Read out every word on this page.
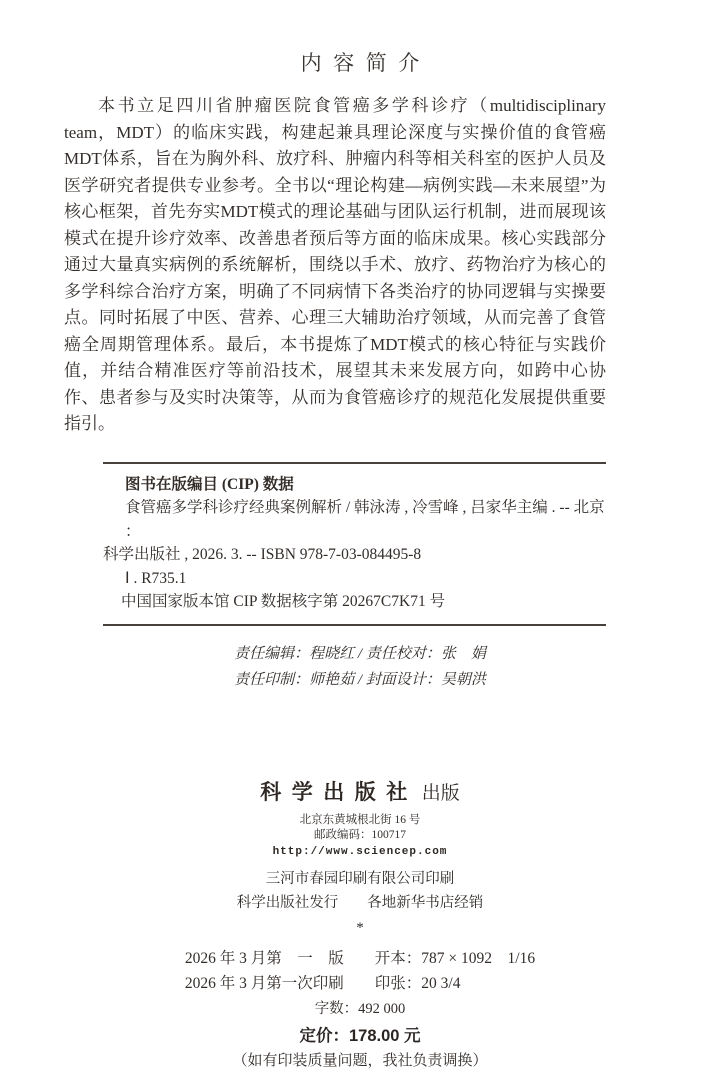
内容简介

本书立足四川省肿瘤医院食管癌多学科诊疗（multidisciplinary team，MDT）的临床实践，构建起兼具理论深度与实操价值的食管癌MDT体系，旨在为胸外科、放疗科、肿瘤内科等相关科室的医护人员及医学研究者提供专业参考。全书以“理论构建—病例实践—未来展望”为核心框架，首先夯实MDT模式的理论基础与团队运行机制，进而展现该模式在提升诊疗效率、改善患者预后等方面的临床成果。核心实践部分通过大量真实病例的系统解析，围绕以手术、放疗、药物治疗为核心的多学科综合治疗方案，明确了不同病情下各类治疗的协同逻辑与实操要点。同时拓展了中医、营养、心理三大辅助治疗领域，从而完善了食管癌全周期管理体系。最后，本书提炼了MDT模式的核心特征与实践价值，并结合精准医疗等前沿技术，展望其未来发展方向，如跨中心协作、患者参与及实时决策等，从而为食管癌诊疗的规范化发展提供重要指引。

图书在版编目 (CIP) 数据
食管癌多学科诊疗经典案例解析 / 韩泳涛 , 冷雪峰 , 吕家华主编 . -- 北京 ：
科学出版社 , 2026. 3. -- ISBN 978-7-03-084495-8
Ⅰ . R735.1
中国国家版本馆 CIP 数据核字第 20267C7K71 号
责任编辑：程晓红 / 责任校对：张　娟
责任印制：师艳茹 / 封面设计：吴朝洪
科学出版社 出版
北京东黄城根北街 16 号
邮政编码：100717
http://www.sciencep.com
三河市春园印刷有限公司印刷
科学出版社发行　　各地新华书店经销
*
2026 年 3 月第　一　版　　开本：787 × 1092　1/16
2026 年 3 月第一次印刷　　印张：20 3/4
字数：492 000
定价：178.00 元
（如有印装质量问题，我社负责调换）
